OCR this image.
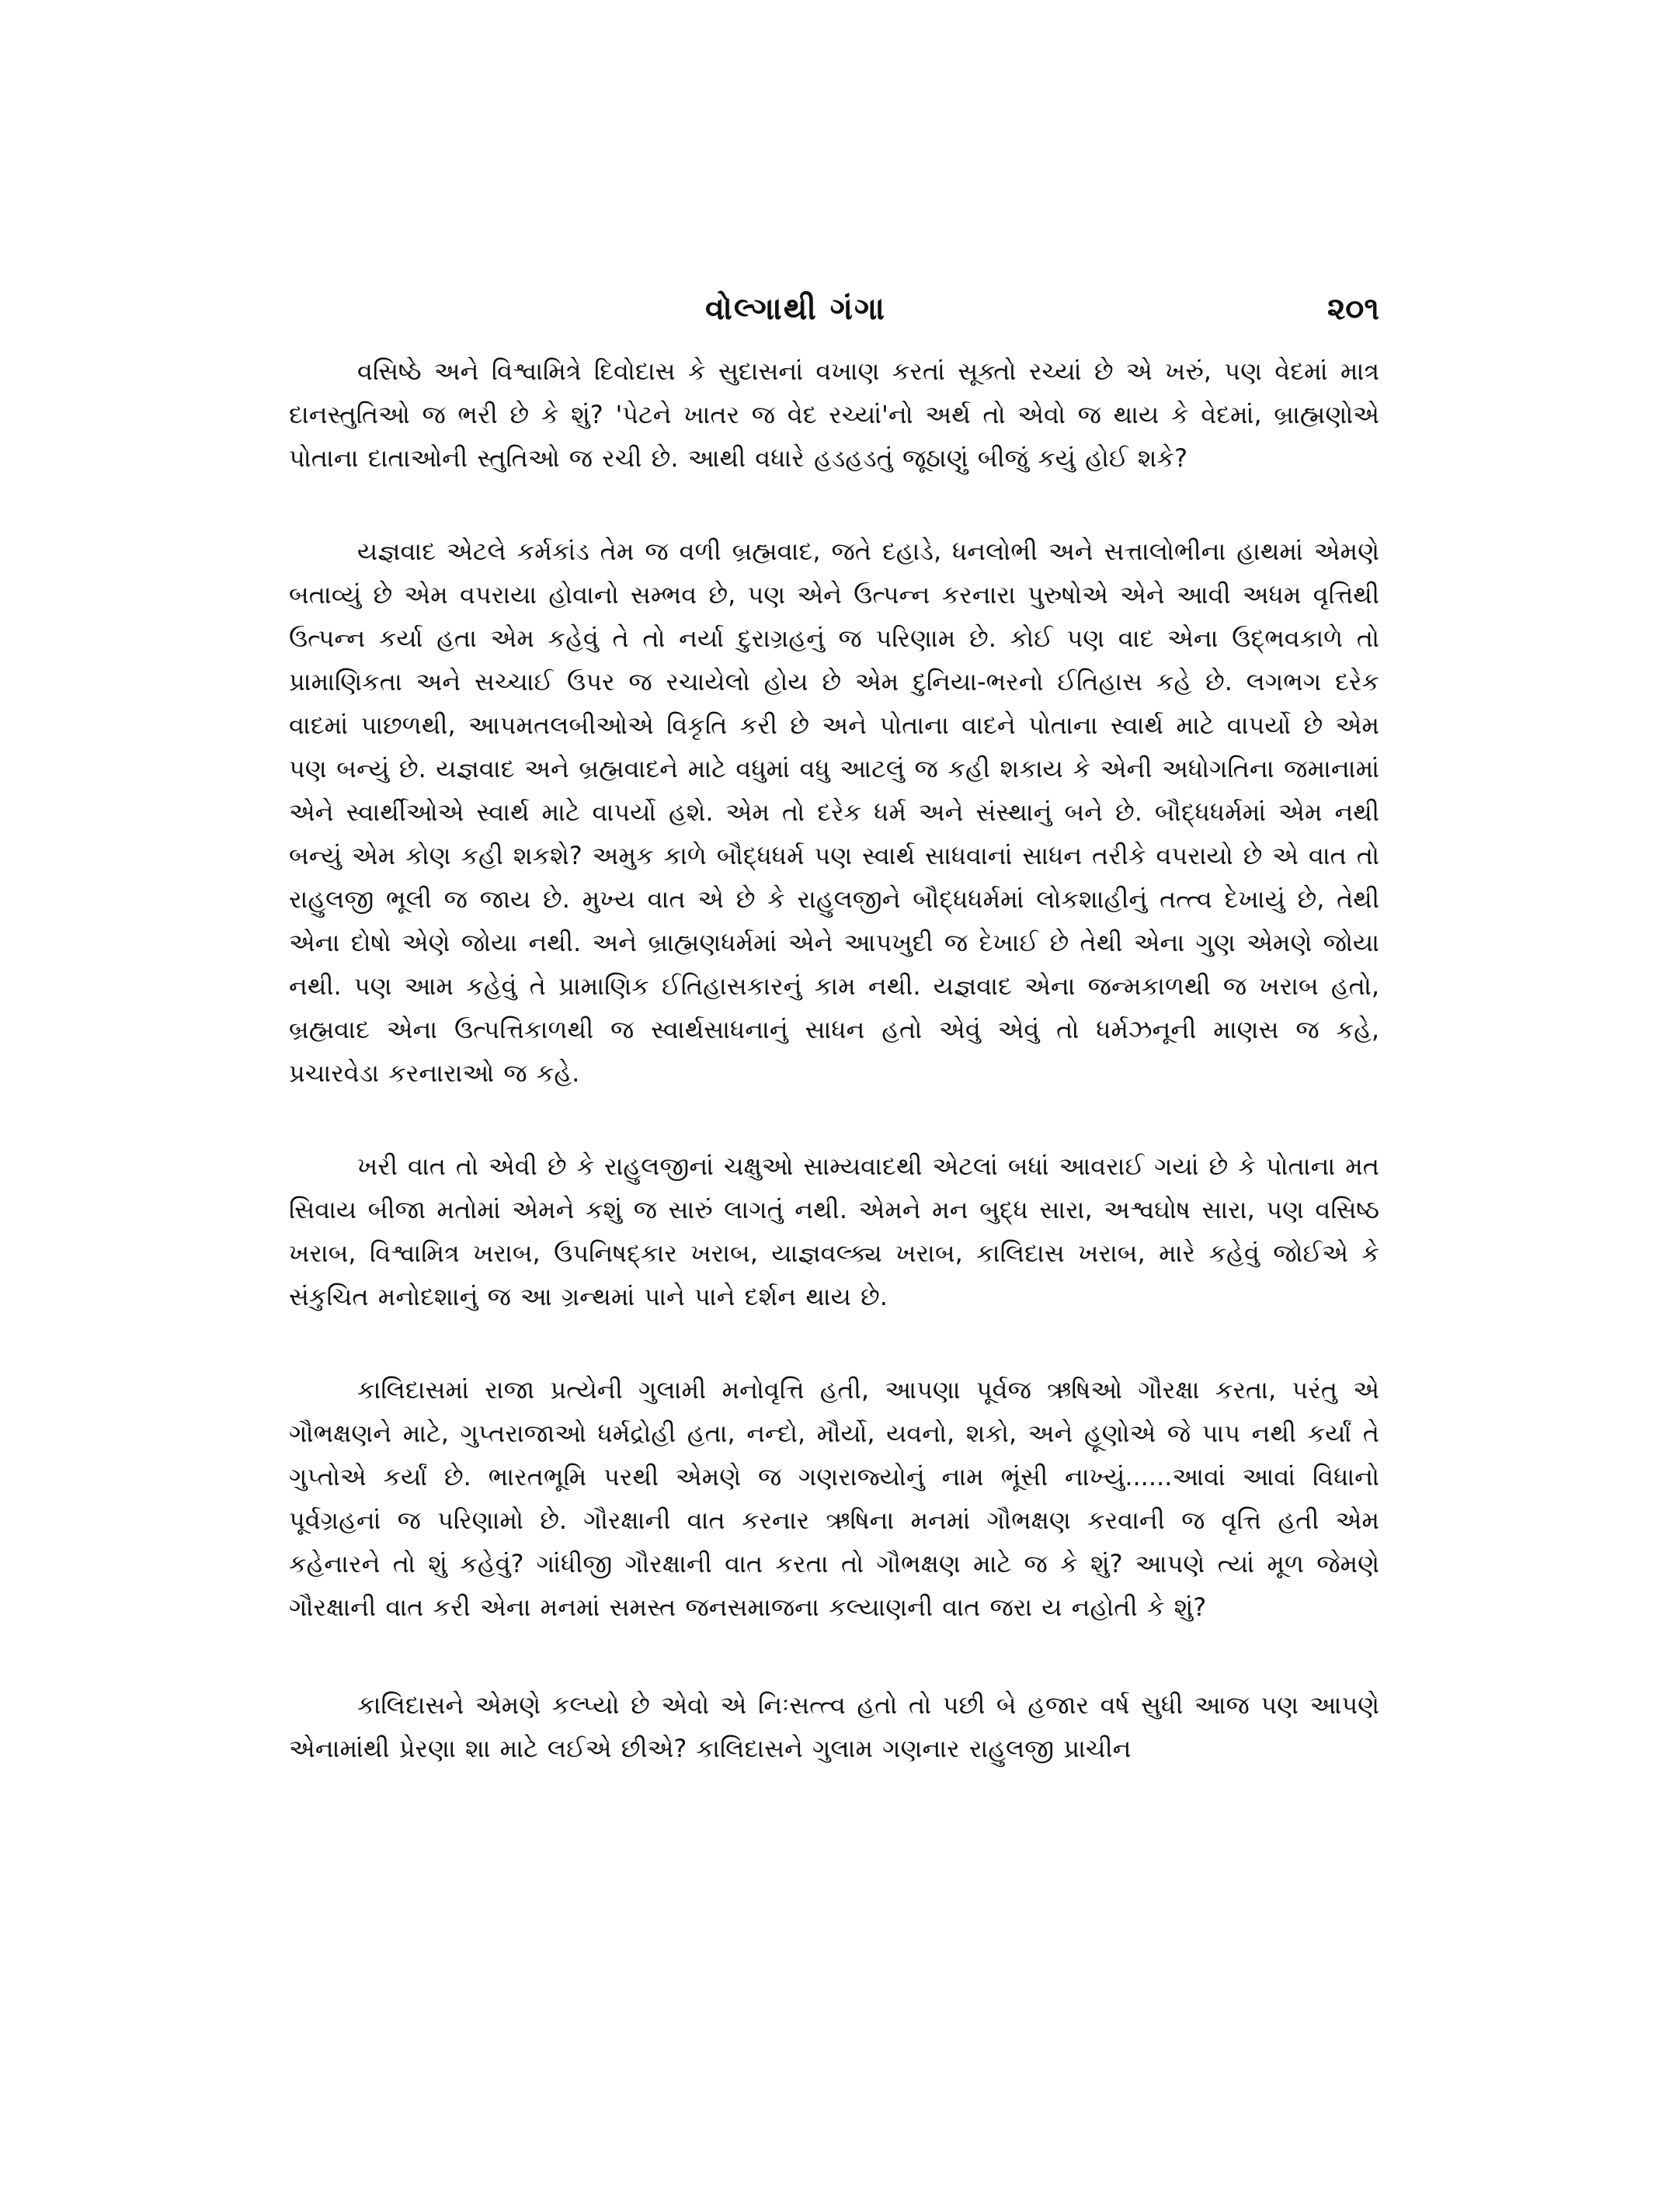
વોલ્ગાથી ગંગા	૨૦૧

વસિષ્ઠે અને વિશ્વામિત્રે દિવોદાસ કે સુદાસનાં વખાણ કરતાં સૂક્તો રચ્યાં છે એ ખરું, પણ વેદમાં માત્ર દાનસ્તુતિઓ જ ભરી છે કે શું? 'પેટને ખાતર જ વેદ રચ્યાં'નો અર્થ તો એવો જ થાય કે વેદમાં, બ્રાહ્મણોએ પોતાના દાતાઓની સ્તુતિઓ જ રચી છે. આથી વધારે હડહડતું જૂઠાણું બીજું કયું હોઈ શકે?

યજ્ઞવાદ એટલે કર્મકાંડ તેમ જ વળી બ્રહ્મવાદ, જતે દહાડે, ધનલોભી અને સત્તાલોભીના હાથમાં એમણે બતાવ્યું છે એમ વપરાયા હોવાનો સમ્ભવ છે, પણ એને ઉત્પન્ન કરનારા પુરુષોએ એને આવી અધમ વૃત્તિથી ઉત્પન્ન કર્યા હતા એમ કહેવું તે તો નર્યા દુરાગ્રહનું જ પરિણામ છે. કોઈ પણ વાદ એના ઉદ્ભવકાળે તો પ્રામાણિકતા અને સચ્ચાઈ ઉપર જ રચાયેલો હોય છે એમ દુનિયા-ભરનો ઈતિહાસ કહે છે. લગભગ દરેક વાદમાં પાછળથી, આપમતલબીઓએ વિકૃતિ કરી છે અને પોતાના વાદને પોતાના સ્વાર્થ માટે વાપર્યો છે એમ પણ બન્યું છે. યજ્ઞવાદ અને બ્રહ્મવાદને માટે વધુમાં વધુ આટલું જ કહી શકાય કે એની અધોગતિના જમાનામાં એને સ્વાર્થીઓએ સ્વાર્થ માટે વાપર્યો હશે. એમ તો દરેક ધર્મ અને સંસ્થાનું બને છે. બૌદ્ધધર્મમાં એમ નથી બન્યું એમ કોણ કહી શકશે? અમુક કાળે બૌદ્ધધર્મ પણ સ્વાર્થ સાધવાનાં સાધન તરીકે વપરાયો છે એ વાત તો રાહુલજી ભૂલી જ જાય છે. મુખ્ય વાત એ છે કે રાહુલજીને બૌદ્ધધર્મમાં લોકશાહીનું તત્ત્વ દેખાયું છે, તેથી એના દોષો એણે જોયા નથી. અને બ્રાહ્મણધર્મમાં એને આપખુદી જ દેખાઈ છે તેથી એના ગુણ એમણે જોયા નથી. પણ આમ કહેવું તે પ્રામાણિક ઈતિહાસકારનું કામ નથી. યજ્ઞવાદ એના જન્મકાળથી જ ખરાબ હતો, બ્રહ્મવાદ એના ઉત્પત્તિકાળથી જ સ્વાર્થસાધનાનું સાધન હતો એવું એવું તો ધર્મઝનૂની માણસ જ કહે, પ્રચારવેડા કરનારાઓ જ કહે.

ખરી વાત તો એવી છે કે રાહુલજીનાં ચક્ષુઓ સામ્યવાદથી એટલાં બધાં આવરાઈ ગયાં છે કે પોતાના મત સિવાય બીજા મતોમાં એમને કશું જ સારું લાગતું નથી. એમને મન બુદ્ધ સારા, અશ્વઘોષ સારા, પણ વસિષ્ઠ ખરાબ, વિશ્વામિત્ર ખરાબ, ઉપનિષદ્કાર ખરાબ, યાજ્ઞવલ્ક્ય ખરાબ, કાલિદાસ ખરાબ, મારે કહેવું જોઈએ કે સંકુચિત મનોદશાનું જ આ ગ્રન્થમાં પાને પાને દર્શન થાય છે.

કાલિદાસમાં રાજા પ્રત્યેની ગુલામી મનોવૃત્તિ હતી, આપણા પૂર્વજ ઋષિઓ ગૌરક્ષા કરતા, પરંતુ એ ગૌભક્ષણને માટે, ગુપ્તરાજાઓ ધર્મદ્રોહી હતા, નન્દો, મૌર્યો, યવનો, શકો, અને હૂણોએ જે પાપ નથી કર્યાં તે ગુપ્તોએ કર્યાં છે. ભારતભૂમિ પરથી એમણે જ ગણરાજ્યોનું નામ ભૂંસી નાખ્યું......આવાં આવાં વિધાનો પૂર્વગ્રહનાં જ પરિણામો છે. ગૌરક્ષાની વાત કરનાર ઋષિના મનમાં ગૌભક્ષણ કરવાની જ વૃત્તિ હતી એમ કહેનારને તો શું કહેવું? ગાંધીજી ગૌરક્ષાની વાત કરતા તો ગૌભક્ષણ માટે જ કે શું? આપણે ત્યાં મૂળ જેમણે ગૌરક્ષાની વાત કરી એના મનમાં સમસ્ત જનસમાજના કલ્યાણની વાત જરા ય નહોતી કે શું?

કાલિદાસને એમણે કલ્પ્યો છે એવો એ નિઃસત્ત્વ હતો તો પછી બે હજાર વર્ષ સુધી આજ પણ આપણે એનામાંથી પ્રેરણા શા માટે લઈએ છીએ? કાલિદાસને ગુલામ ગણનાર રાહુલજી પ્રાચીન
